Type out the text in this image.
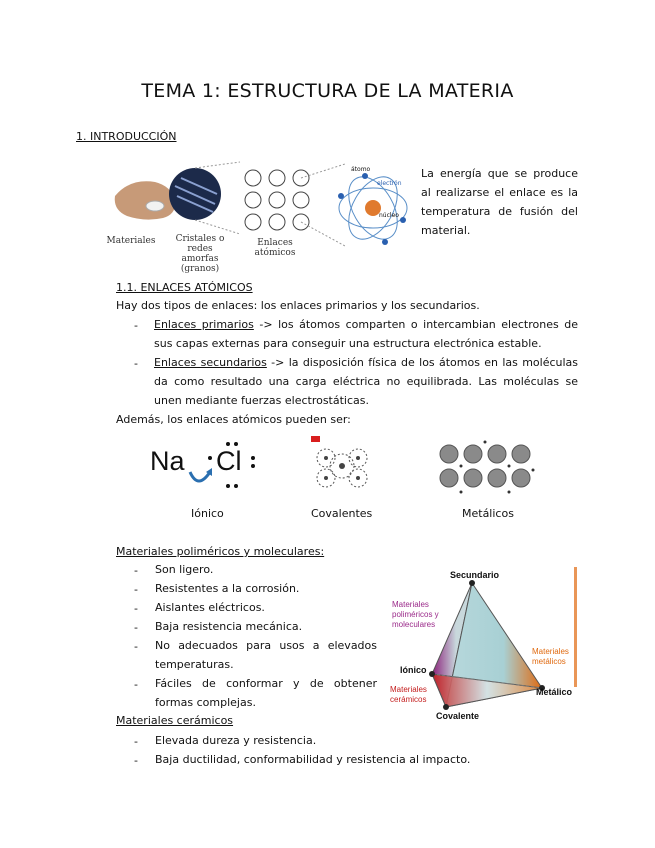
TEMA 1: ESTRUCTURA DE LA MATERIA
1. INTRODUCCIÓN
Materiales	Cristales o redes amorfas (granos)
Enlaces atómicos
átomo
electrón
núcleo
La energía que se produce al realizarse el enlace es la temperatura de fusión del material.
1.1. ENLACES ATÓMICOS
Hay dos tipos de enlaces: los enlaces primarios y los secundarios.
- Enlaces primarios -> los átomos comparten o intercambian electrones de sus capas externas para conseguir una estructura electrónica estable.
- Enlaces secundarios -> la disposición física de los átomos en las moléculas da como resultado una carga eléctrica no equilibrada. Las moléculas se unen mediante fuerzas electrostáticas.
Además, los enlaces atómicos pueden ser:
Na Cl
Iónico	Covalentes	Metálicos
Materiales poliméricos y moleculares:
- Son ligero.
- Resistentes a la corrosión.
- Aislantes eléctricos.
- Baja resistencia mecánica.
- No adecuados para usos a elevados temperaturas.
- Fáciles de conformar y de obtener formas complejas.
Materiales cerámicos
- Elevada dureza y resistencia.
- Baja ductilidad, conformabilidad y resistencia al impacto.
Secundario
Iónico
Metálico
Covalente
Materiales poliméricos y moleculares
Materiales metálicos
Materiales cerámicos
